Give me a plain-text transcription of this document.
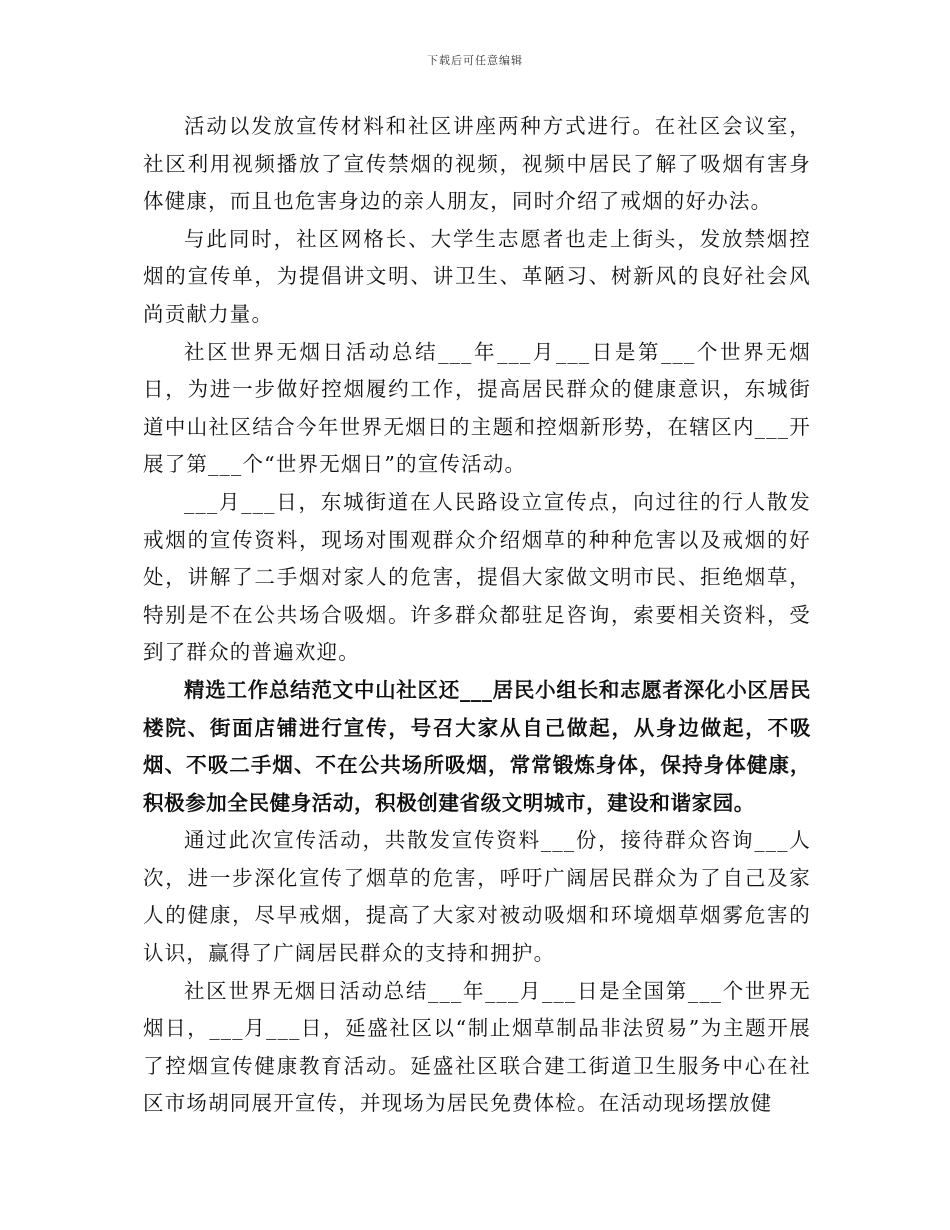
下载后可任意编辑

活动以发放宣传材料和社区讲座两种方式进行。在社区会议室，社区利用视频播放了宣传禁烟的视频，视频中居民了解了吸烟有害身体健康，而且也危害身边的亲人朋友，同时介绍了戒烟的好办法。

与此同时，社区网格长、大学生志愿者也走上街头，发放禁烟控烟的宣传单，为提倡讲文明、讲卫生、革陋习、树新风的良好社会风尚贡献力量。

社区世界无烟日活动总结___年___月___日是第___个世界无烟日，为进一步做好控烟履约工作，提高居民群众的健康意识，东城街道中山社区结合今年世界无烟日的主题和控烟新形势，在辖区内___开展了第___个“世界无烟日”的宣传活动。

___月___日，东城街道在人民路设立宣传点，向过往的行人散发戒烟的宣传资料，现场对围观群众介绍烟草的种种危害以及戒烟的好处，讲解了二手烟对家人的危害，提倡大家做文明市民、拒绝烟草，特别是不在公共场合吸烟。许多群众都驻足咨询，索要相关资料，受到了群众的普遍欢迎。

精选工作总结范文中山社区还___居民小组长和志愿者深化小区居民楼院、街面店铺进行宣传，号召大家从自己做起，从身边做起，不吸烟、不吸二手烟、不在公共场所吸烟，常常锻炼身体，保持身体健康，积极参加全民健身活动，积极创建省级文明城市，建设和谐家园。

通过此次宣传活动，共散发宣传资料___份，接待群众咨询___人次，进一步深化宣传了烟草的危害，呼吁广阔居民群众为了自己及家人的健康，尽早戒烟，提高了大家对被动吸烟和环境烟草烟雾危害的认识，赢得了广阔居民群众的支持和拥护。

社区世界无烟日活动总结___年___月___日是全国第___个世界无烟日，___月___日，延盛社区以“制止烟草制品非法贸易”为主题开展了控烟宣传健康教育活动。延盛社区联合建工街道卫生服务中心在社区市场胡同展开宣传，并现场为居民免费体检。在活动现场摆放健
